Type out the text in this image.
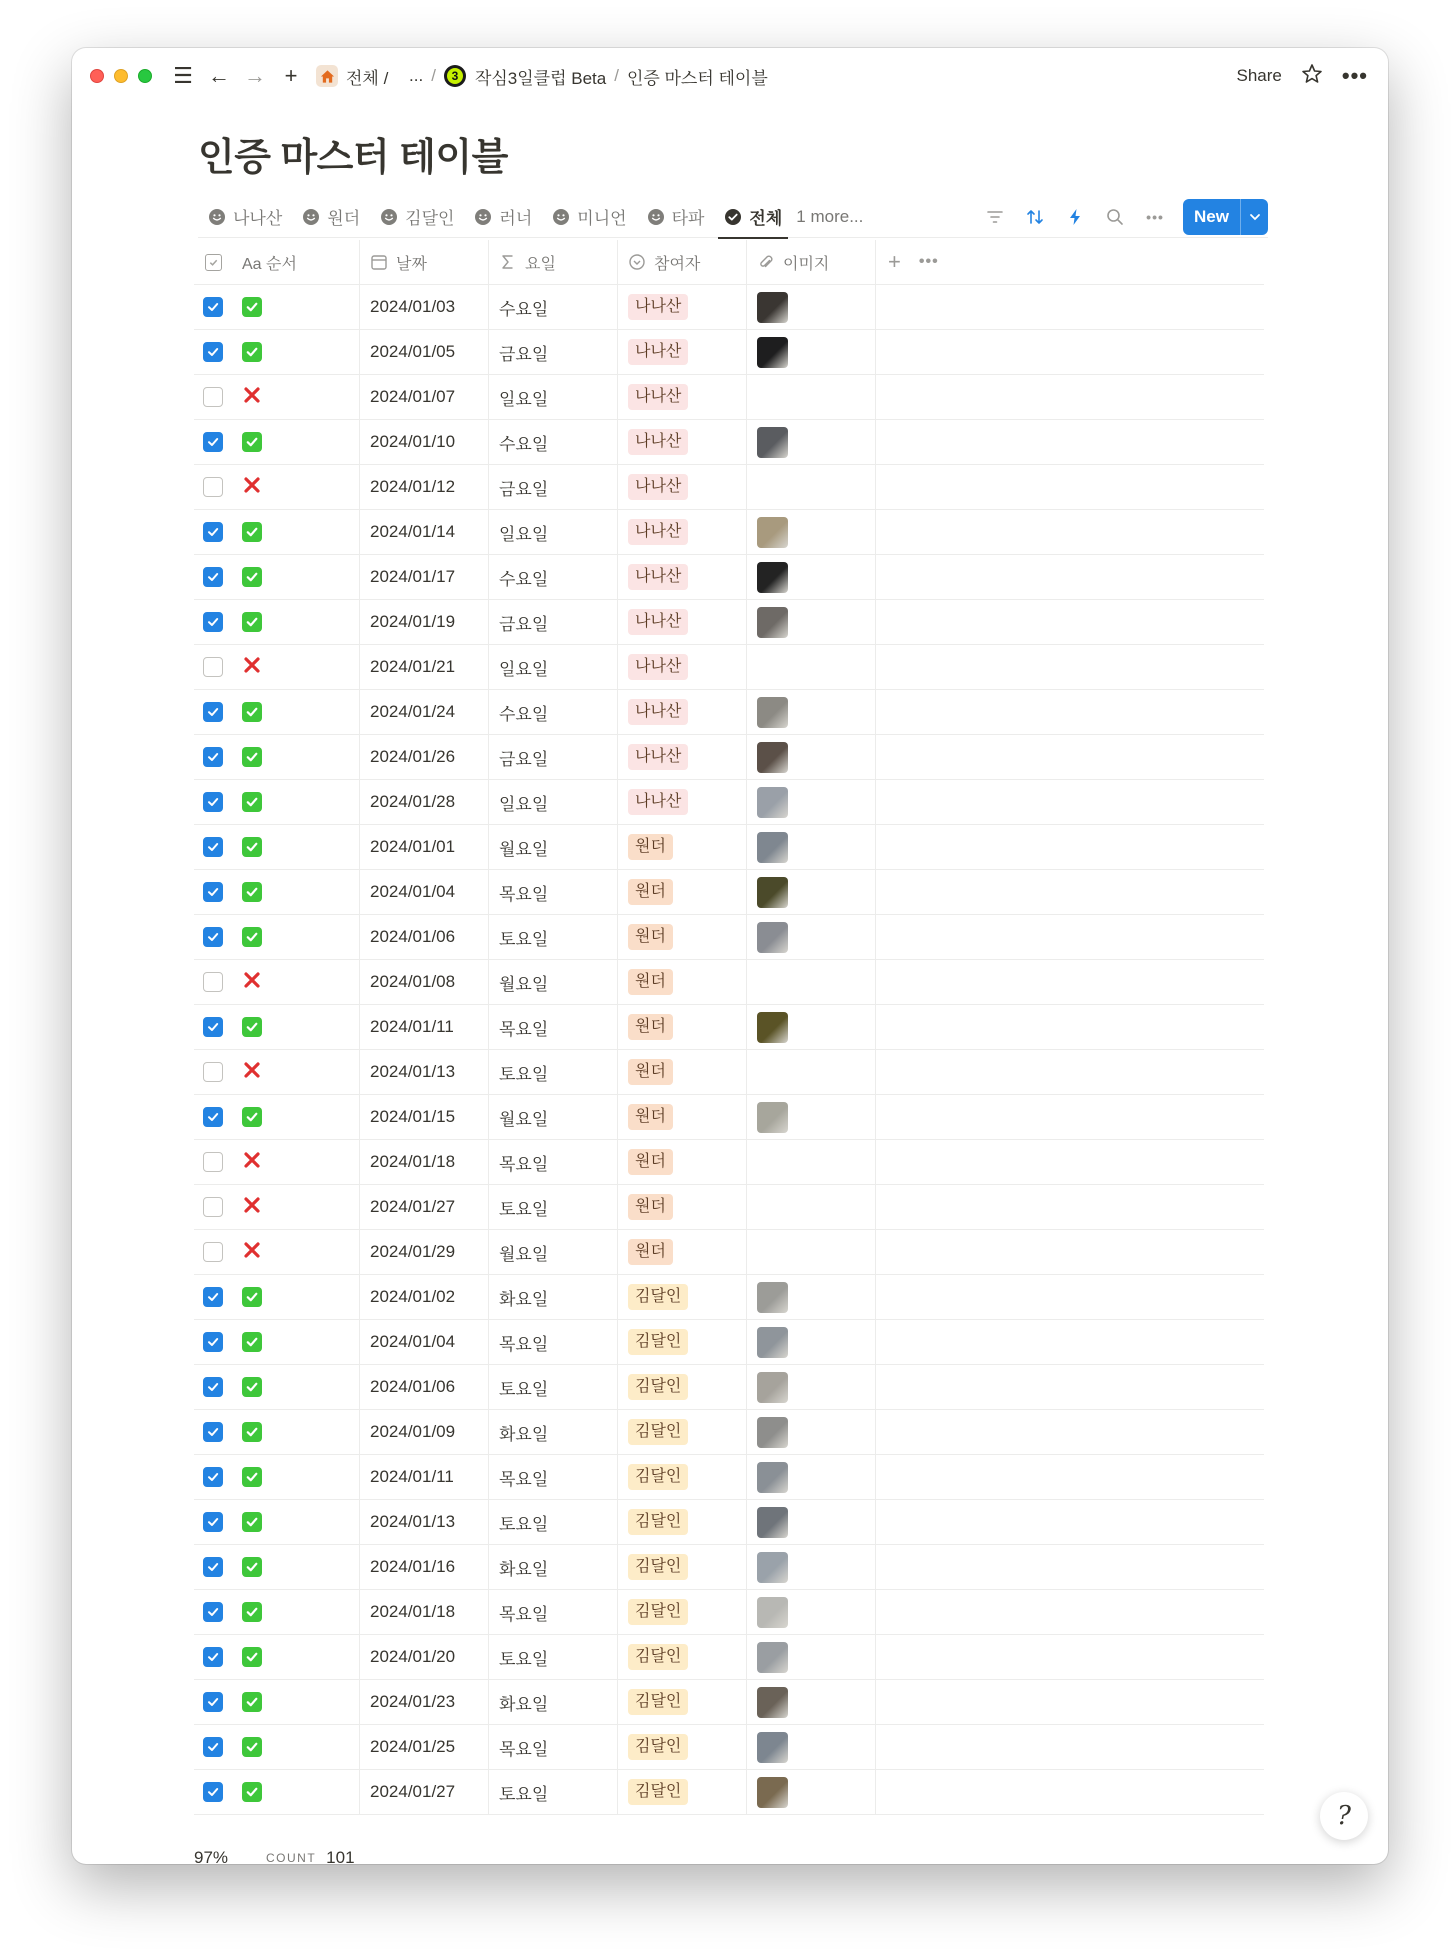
☰ ← → +	전체 /
... /	3 작심3일클럽 Beta / 인증 마스터 테이블	Share	•••
인증 마스터 테이블
나나산	원더	김달인	러너	미니언	타파	전체 1 more...	•••	New
Aa 순서	날짜	요일	참여자	이미지	+ •••
2024/01/03	수요일	나나산
2024/01/05	금요일	나나산
2024/01/07	일요일	나나산
2024/01/10	수요일	나나산
2024/01/12	금요일	나나산
2024/01/14	일요일	나나산
2024/01/17	수요일	나나산
2024/01/19	금요일	나나산
2024/01/21	일요일	나나산
2024/01/24	수요일	나나산
2024/01/26	금요일	나나산
2024/01/28	일요일	나나산
2024/01/01	월요일	원더
2024/01/04	목요일	원더
2024/01/06	토요일	원더
2024/01/08	월요일	원더
2024/01/11	목요일	원더
2024/01/13	토요일	원더
2024/01/15	월요일	원더
2024/01/18	목요일	원더
2024/01/27	토요일	원더
2024/01/29	월요일	원더
2024/01/02	화요일	김달인
2024/01/04	목요일	김달인
2024/01/06	토요일	김달인
2024/01/09	화요일	김달인
2024/01/11	목요일	김달인
2024/01/13	토요일	김달인
2024/01/16	화요일	김달인
2024/01/18	목요일	김달인
2024/01/20	토요일	김달인
2024/01/23	화요일	김달인
2024/01/25	목요일	김달인
2024/01/27	토요일	김달인
97%	COUNT 101
?
